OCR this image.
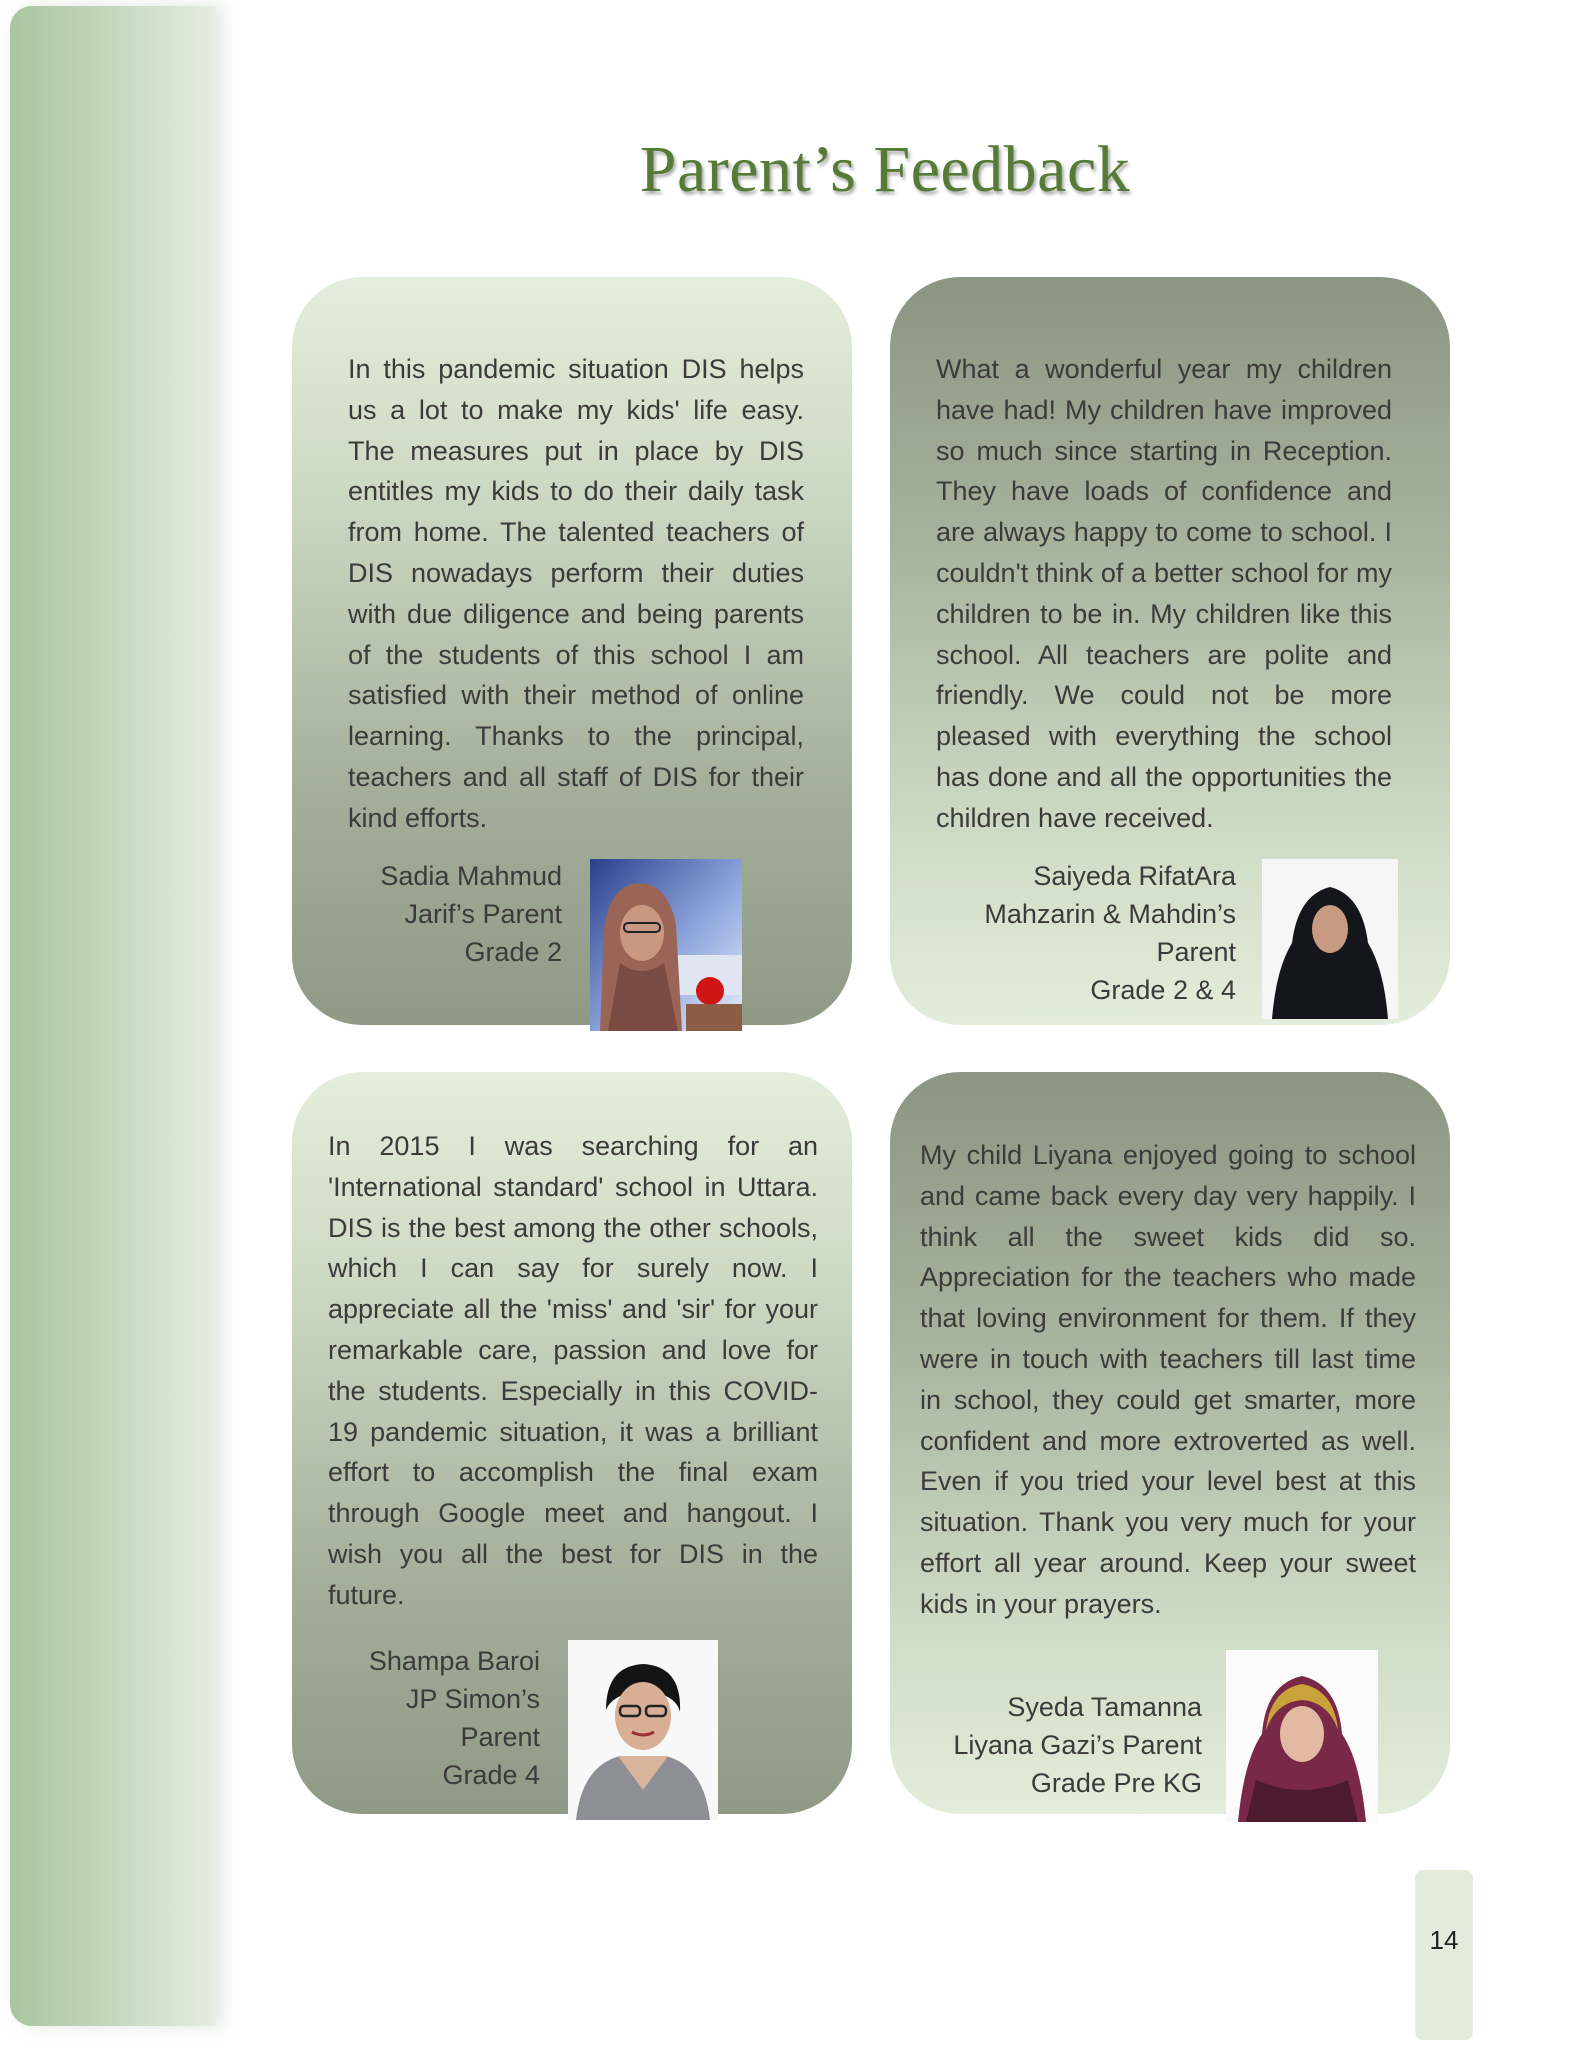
Parent’s Feedback

In this pandemic situation DIS helps us a lot to make my kids' life easy. The measures put in place by DIS entitles my kids to do their daily task from home. The talented teachers of DIS nowadays perform their duties with due diligence and being parents of the students of this school I am satisfied with their method of online learning. Thanks to the principal, teachers and all staff of DIS for their kind efforts.

Sadia Mahmud
Jarif’s Parent
Grade 2

What a wonderful year my children have had! My children have improved so much since starting in Reception. They have loads of confidence and are always happy to come to school. I couldn't think of a better school for my children to be in. My children like this school. All teachers are polite and friendly. We could not be more pleased with everything the school has done and all the opportunities the children have received.

Saiyeda RifatAra
Mahzarin & Mahdin’s
Parent
Grade 2 & 4

In 2015 I was searching for an 'International standard' school in Uttara. DIS is the best among the other schools, which I can say for surely now. I appreciate all the 'miss' and 'sir' for your remarkable care, passion and love for the students. Especially in this COVID-19 pandemic situation, it was a brilliant effort to accomplish the final exam through Google meet and hangout. I wish you all the best for DIS in the future.

Shampa Baroi
JP Simon’s
Parent
Grade 4

My child Liyana enjoyed going to school and came back every day very happily. I think all the sweet kids did so. Appreciation for the teachers who made that loving environment for them. If they were in touch with teachers till last time in school, they could get smarter, more confident and more extroverted as well. Even if you tried your level best at this situation. Thank you very much for your effort all year around. Keep your sweet kids in your prayers.

Syeda Tamanna
Liyana Gazi’s Parent
Grade Pre KG
14
